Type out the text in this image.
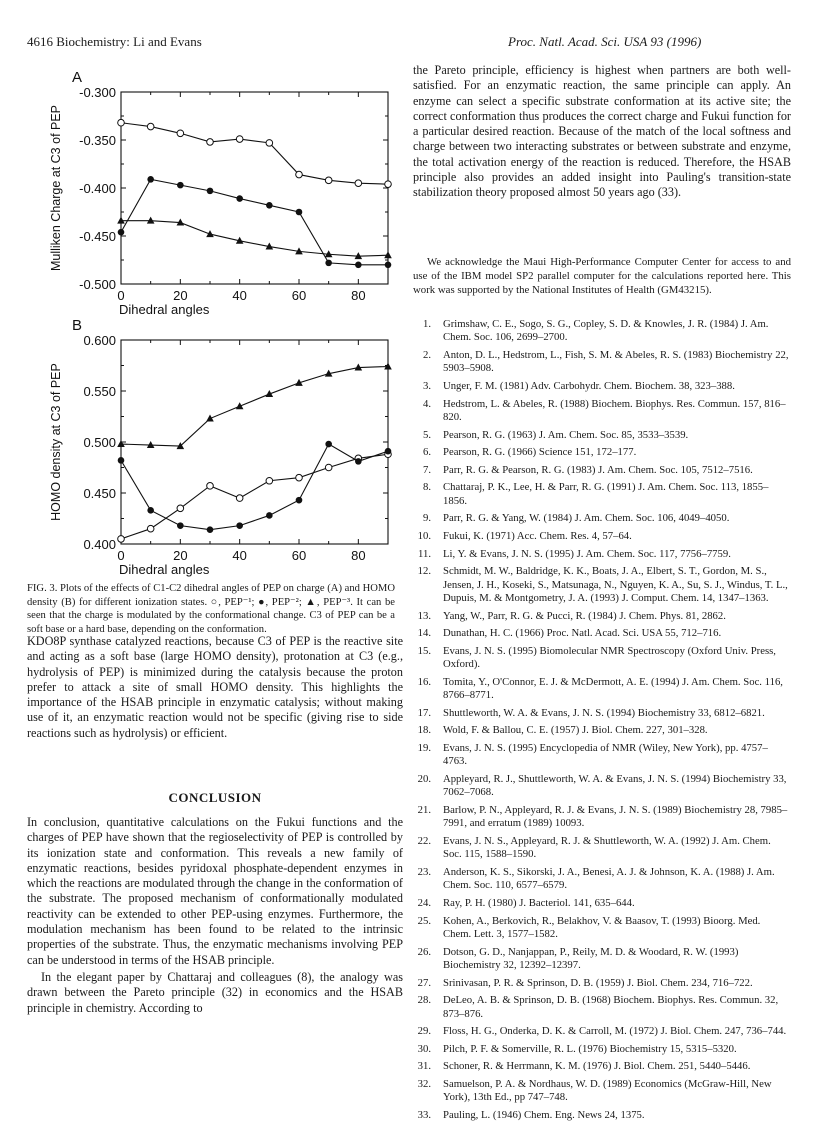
4616 Biochemistry: Li and Evans	Proc. Natl. Acad. Sci. USA 93 (1996)
A
-0.300
-0.350
-0.400
-0.450
-0.500
0	20	40	60	80
Dihedral angles
Mulliken Charge at C3 of PEP
B
0.600
0.550
0.500
0.450
0.400
0	20	40	60	80
Dihedral angles
HOMO density at C3 of PEP
FIG. 3. Plots of the effects of C1-C2 dihedral angles of PEP on charge (A) and HOMO density (B) for different ionization states. ○, PEP⁻¹; ●, PEP⁻²; ▲, PEP⁻³. It can be seen that the charge is modulated by the conformational change. C3 of PEP can be a soft base or a hard base, depending on the conformation.

KDO8P synthase catalyzed reactions, because C3 of PEP is the reactive site and acting as a soft base (large HOMO density), protonation at C3 (e.g., hydrolysis of PEP) is minimized during the catalysis because the proton prefer to attack a site of small HOMO density. This highlights the importance of the HSAB principle in enzymatic catalysis; without making use of it, an enzymatic reaction would not be specific (giving rise to side reactions such as hydrolysis) or efficient.

CONCLUSION

In conclusion, quantitative calculations on the Fukui functions and the charges of PEP have shown that the regioselectivity of PEP is controlled by its ionization state and conformation. This reveals a new family of enzymatic reactions, besides pyridoxal phosphate-dependent enzymes in which the reactions are modulated through the change in the conformation of the substrate. The proposed mechanism of conformationally modulated reactivity can be extended to other PEP-using enzymes. Furthermore, the modulation mechanism has been found to be related to the intrinsic properties of the substrate. Thus, the enzymatic mechanisms involving PEP can be understood in terms of the HSAB principle.

In the elegant paper by Chattaraj and colleagues (8), the analogy was drawn between the Pareto principle (32) in economics and the HSAB principle in chemistry. According to

the Pareto principle, efficiency is highest when partners are both well-satisfied. For an enzymatic reaction, the same principle can apply. An enzyme can select a specific substrate conformation at its active site; the correct conformation thus produces the correct charge and Fukui function for a particular desired reaction. Because of the match of the local softness and charge between two interacting substrates or between substrate and enzyme, the total activation energy of the reaction is reduced. Therefore, the HSAB principle also provides an added insight into Pauling's transition-state stabilization theory proposed almost 50 years ago (33).

We acknowledge the Maui High-Performance Computer Center for access to and use of the IBM model SP2 parallel computer for the calculations reported here. This work was supported by the National Institutes of Health (GM43215).

1. Grimshaw, C. E., Sogo, S. G., Copley, S. D. & Knowles, J. R. (1984) J. Am. Chem. Soc. 106, 2699–2700.
2. Anton, D. L., Hedstrom, L., Fish, S. M. & Abeles, R. S. (1983) Biochemistry 22, 5903–5908.
3. Unger, F. M. (1981) Adv. Carbohydr. Chem. Biochem. 38, 323–388.
4. Hedstrom, L. & Abeles, R. (1988) Biochem. Biophys. Res. Commun. 157, 816–820.
5. Pearson, R. G. (1963) J. Am. Chem. Soc. 85, 3533–3539.
6. Pearson, R. G. (1966) Science 151, 172–177.
7. Parr, R. G. & Pearson, R. G. (1983) J. Am. Chem. Soc. 105, 7512–7516.
8. Chattaraj, P. K., Lee, H. & Parr, R. G. (1991) J. Am. Chem. Soc. 113, 1855–1856.
9. Parr, R. G. & Yang, W. (1984) J. Am. Chem. Soc. 106, 4049–4050.
10. Fukui, K. (1971) Acc. Chem. Res. 4, 57–64.
11. Li, Y. & Evans, J. N. S. (1995) J. Am. Chem. Soc. 117, 7756–7759.
12. Schmidt, M. W., Baldridge, K. K., Boats, J. A., Elbert, S. T., Gordon, M. S., Jensen, J. H., Koseki, S., Matsunaga, N., Nguyen, K. A., Su, S. J., Windus, T. L., Dupuis, M. & Montgometry, J. A. (1993) J. Comput. Chem. 14, 1347–1363.
13. Yang, W., Parr, R. G. & Pucci, R. (1984) J. Chem. Phys. 81, 2862.
14. Dunathan, H. C. (1966) Proc. Natl. Acad. Sci. USA 55, 712–716.
15. Evans, J. N. S. (1995) Biomolecular NMR Spectroscopy (Oxford Univ. Press, Oxford).
16. Tomita, Y., O'Connor, E. J. & McDermott, A. E. (1994) J. Am. Chem. Soc. 116, 8766–8771.
17. Shuttleworth, W. A. & Evans, J. N. S. (1994) Biochemistry 33, 6812–6821.
18. Wold, F. & Ballou, C. E. (1957) J. Biol. Chem. 227, 301–328.
19. Evans, J. N. S. (1995) Encyclopedia of NMR (Wiley, New York), pp. 4757–4763.
20. Appleyard, R. J., Shuttleworth, W. A. & Evans, J. N. S. (1994) Biochemistry 33, 7062–7068.
21. Barlow, P. N., Appleyard, R. J. & Evans, J. N. S. (1989) Biochemistry 28, 7985–7991, and erratum (1989) 10093.
22. Evans, J. N. S., Appleyard, R. J. & Shuttleworth, W. A. (1992) J. Am. Chem. Soc. 115, 1588–1590.
23. Anderson, K. S., Sikorski, J. A., Benesi, A. J. & Johnson, K. A. (1988) J. Am. Chem. Soc. 110, 6577–6579.
24. Ray, P. H. (1980) J. Bacteriol. 141, 635–644.
25. Kohen, A., Berkovich, R., Belakhov, V. & Baasov, T. (1993) Bioorg. Med. Chem. Lett. 3, 1577–1582.
26. Dotson, G. D., Nanjappan, P., Reily, M. D. & Woodard, R. W. (1993) Biochemistry 32, 12392–12397.
27. Srinivasan, P. R. & Sprinson, D. B. (1959) J. Biol. Chem. 234, 716–722.
28. DeLeo, A. B. & Sprinson, D. B. (1968) Biochem. Biophys. Res. Commun. 32, 873–876.
29. Floss, H. G., Onderka, D. K. & Carroll, M. (1972) J. Biol. Chem. 247, 736–744.
30. Pilch, P. F. & Somerville, R. L. (1976) Biochemistry 15, 5315–5320.
31. Schoner, R. & Herrmann, K. M. (1976) J. Biol. Chem. 251, 5440–5446.
32. Samuelson, P. A. & Nordhaus, W. D. (1989) Economics (McGraw-Hill, New York), 13th Ed., pp 747–748.
33. Pauling, L. (1946) Chem. Eng. News 24, 1375.
